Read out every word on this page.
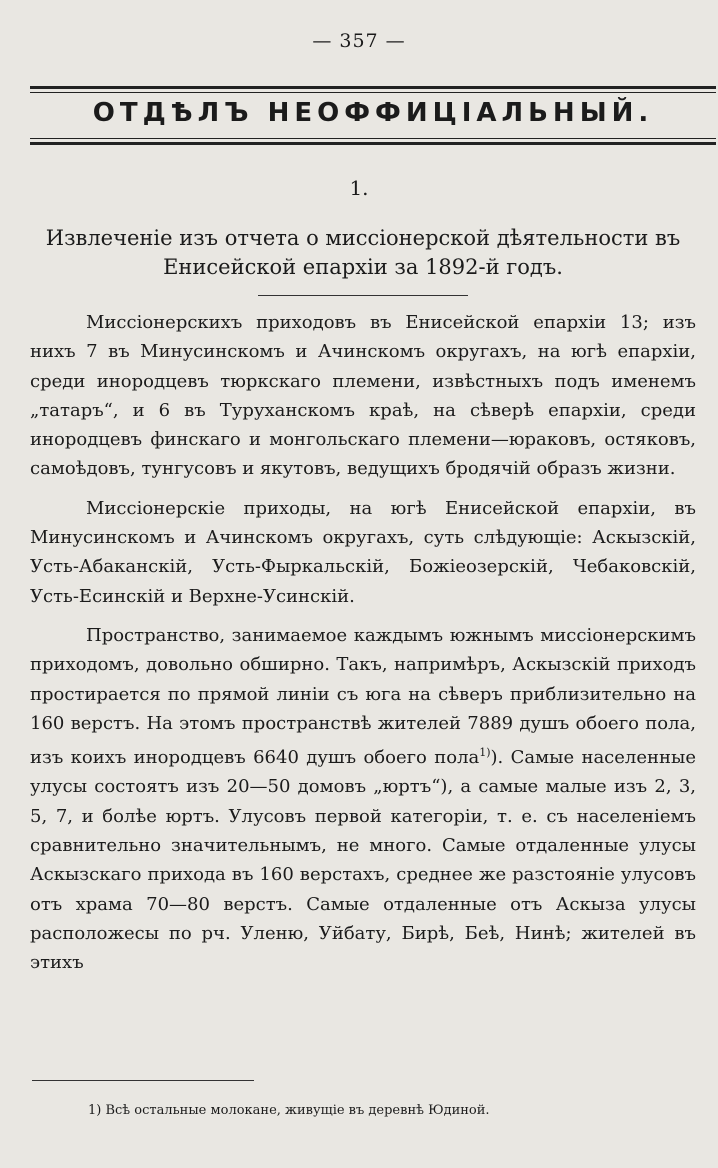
— 357 —
ОТДѢЛЪ НЕОФФИЦІАЛЬНЫЙ.
1.
Извлеченіе изъ отчета о миссіонерской дѣятельности въ
Енисейской епархіи за 1892-й годъ.

Миссіонерскихъ приходовъ въ Енисейской епархіи 13; изъ нихъ 7 въ Минусинскомъ и Ачинскомъ округахъ, на югѣ епархіи, среди инородцевъ тюркскаго племени, извѣстныхъ подъ именемъ „татаръ“, и 6 въ Туруханскомъ краѣ, на сѣверѣ епархіи, среди инородцевъ финскаго и монгольскаго племени—юраковъ, остяковъ, самоѣдовъ, тунгусовъ и якутовъ, ведущихъ бродячій образъ жизни.

Миссіонерскіе приходы, на югѣ Енисейской епархіи, въ Минусинскомъ и Ачинскомъ округахъ, суть слѣдующіе: Аскызскій, Усть-Абаканскій, Усть-Фыркальскій, Божіеозерскій, Чебаковскій, Усть-Есинскій и Верхне-Усинскій.

Пространство, занимаемое каждымъ южнымъ миссіонерскимъ приходомъ, довольно обширно. Такъ, напримѣръ, Аскызскій приходъ простирается по прямой линіи съ юга на сѣверъ приблизительно на 160 верстъ. На этомъ пространствѣ жителей 7889 душъ обоего пола, изъ коихъ инородцевъ 6640 душъ обоего пола$^{1)}$). Самые населенные улусы состоятъ изъ 20—50 домовъ „юртъ“), а самые малые изъ 2, 3, 5, 7, и болѣе юртъ. Улусовъ первой категоріи, т. е. съ населеніемъ сравнительно значительнымъ, не много. Самые отдаленные улусы Аскызскаго прихода въ 160 верстахъ, среднее же разстояніе улусовъ отъ храма 70—80 верстъ. Самые отдаленные отъ Аскыза улусы расположесы по рч. Уленю, Уйбату, Бирѣ, Беѣ, Нинѣ; жителей въ этихъ

1) Всѣ остальные молокане, живущіе въ деревнѣ Юдиной.
